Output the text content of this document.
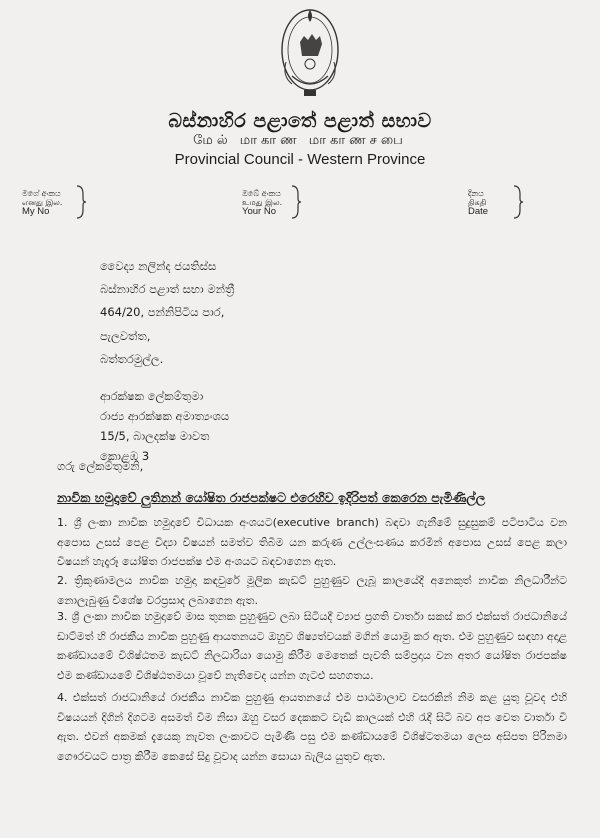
බස්නාහිර පළාතේ පළාත් සභාව
மேல் மாகாண மாகாணசபை
Provincial Council - Western Province
මගේ අංකය
எனது இல.
My No
ඔබේ අංකය
உமது இல.
Your No
දිනය
திகதி
Date
වෛද්‍ය නලින්ද ජයතිස්ස
බස්නාහිර පළාත් සභා මන්ත්‍රී
464/20, පන්නිපිටිය පාර,
පැලවත්ත,
බත්තරමුල්ල.
ආරක්ෂක ලේකම්තුමා
රාජ්‍ය ආරක්ෂක අමාත්‍යංශය
15/5, බාලදක්ෂ මාවත
කොළඹ 3
ගරු ලේකම්තුමනි,
නාවික හමුදාවේ ලුතිනන් යෝෂිත රාජපක්ෂට එරෙහිව ඉදිරිපත් කෙරෙන පැමිණිල්ල
1. ශ්‍රී ලංකා නාවික හමුදාවේ විධායක අංශයට(executive branch) බඳවා ගැනීමේ සුදුසුකම් පටිපාටිය වන අපොස උසස් පෙළ විද්‍යා විෂයන් සමත්ව තිබීම යන කරුණ උල්ලංඝණය කරමින් අපොස උසස් පෙළ කලා විෂයන් හැදෑරූ යෝෂිත රාජපක්ෂ එම අංශයට බඳවාගෙන ඇත.
2. ත්‍රිකුණාමලය නාවික හමුදා කඳවුරේ මූලික කැඩට් පුහුණුව ලැබූ කාලයේදී අනෙකුත් නාවික නිලධාරීන්ට නොලැබුණු විශේෂ වරප්‍රසාද ලබාගෙන ඇත.
3. ශ්‍රී ලංකා නාවික හමුදාවේ මාස තුනක පුහුණුව ලබා සිටියදී ව්‍යාජ ප්‍රගති වාර්තා සකස් කර එක්සත් රාජධානියේ ඩාට්මත් හි රාජකීය නාවික පුහුණු ආයතනයට ඔහුව ශිෂ්‍යත්වයක් මගින් යොමු කර ඇත. එම පුහුණුව සඳහා අදාළ කණ්ඩායමේ විශිෂ්ඨතම කැඩට් නිලධාරියා යොමු කිරීම මෙතෙක් පැවති සම්ප්‍රදාය වන අතර යෝෂිත රාජපක්ෂ එම කණ්ඩායමේ විශිෂ්ඨතමයා වූවේ නැතිවෙද යන්න ගැටළු සහගතය.
4. එක්සත් රාජධානියේ රාජකීය නාවික පුහුණු ආයතනයේ එම පාඨමාලාව වසරකින් නිම කළ යුතු වූවද එහි විෂයයන් දිගින් දිගටම අසමත් වීම නිසා ඔහු වසර දෙකකට වැඩි කාලයක් එහි රැදී සිටි බව අප වෙත වාර්තා වී ඇත. එවන් අකමක් දැයෙකු නැවත ලංකාවට පැමිණි පසු එම කණ්ඩායමේ විශිෂ්ටතමයා ලෙස අසිපත පිරිනමා ගෞරවයට පාත්‍ර කිරීම කෙසේ සිදු වූවාද යන්න සොයා බැලිය යුතුව ඇත.
